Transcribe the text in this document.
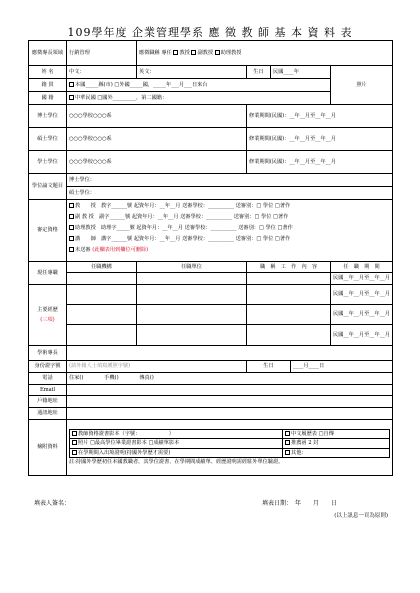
109學年度 企業管理學系 應 徵 教 師 基 本 資 料 表
應徵專長領域	行銷管理	應徵職稱 專任 教授 副教授 助理教授
姓 名	中文：	英文：	生日	民國____年	照片
籍 貫	本國_____縣(市) □外國_____國，_____年___月___日來台
國 籍	中華民國 □國外_________，第二國籍：
博士學位	○○○學校○○○系	修業期間(民國)：__年__月至__年__月
碩士學位	○○○學校○○○系	修業期間(民國)：__年__月至__年__月
學士學位	○○○學校○○○系	修業期間(民國)：__年__月至__年__月
學位論文題目	博士學位：
碩士學位：
審定資格	
教　　授　 教字______號 起資年月：__年__月 送審學校：__________ 送審別：□ 學位 □著作
副 教 授　 副字______號 起資年月：__年__月 送審學校：__________ 送審別：□ 學位 □著作
助理教授　 助理字_____號 起資年月：__年__月 送審學校：__________ 送審別：□ 學位 □著作
講　　師　 講字______號 起資年月：__年__月 送審學校：__________ 送審別：□ 學位 □著作
未送審 (此欄表用到欄位可刪除)

現任專職	任職機構	任職單位	職　稱　工　作　內　容	任　職　期　間
			民國__年__月至__年__月

主要經歷
(三項)
				民國__年__月至__年__月
			民國__年__月至__年__月
			民國__年__月至__年__月
學術專長	
身份證字號	(請外籍人士填寫護照字號)	生日	____月____日
電話	住家()　　　　手機()　　　　傳真()
Email	
戶籍地址	
通訊地址	
檢附資料	
教師資格證書影本（字號：　　　　　　）	中文履歷表 □自傳
照片 □最高學位畢業證書影本 □成績單影本	推薦函 2 封
在學期間入出境證明(持國外學歷才需要)	其他：
註:持國外學歷初任本國教職者，其學位證書、在學期間成績單、經歷證明需經駐外單位驗證。
填表人簽名：	填表日期：　年　　月　　日
(以上訊息一頁為原則)
